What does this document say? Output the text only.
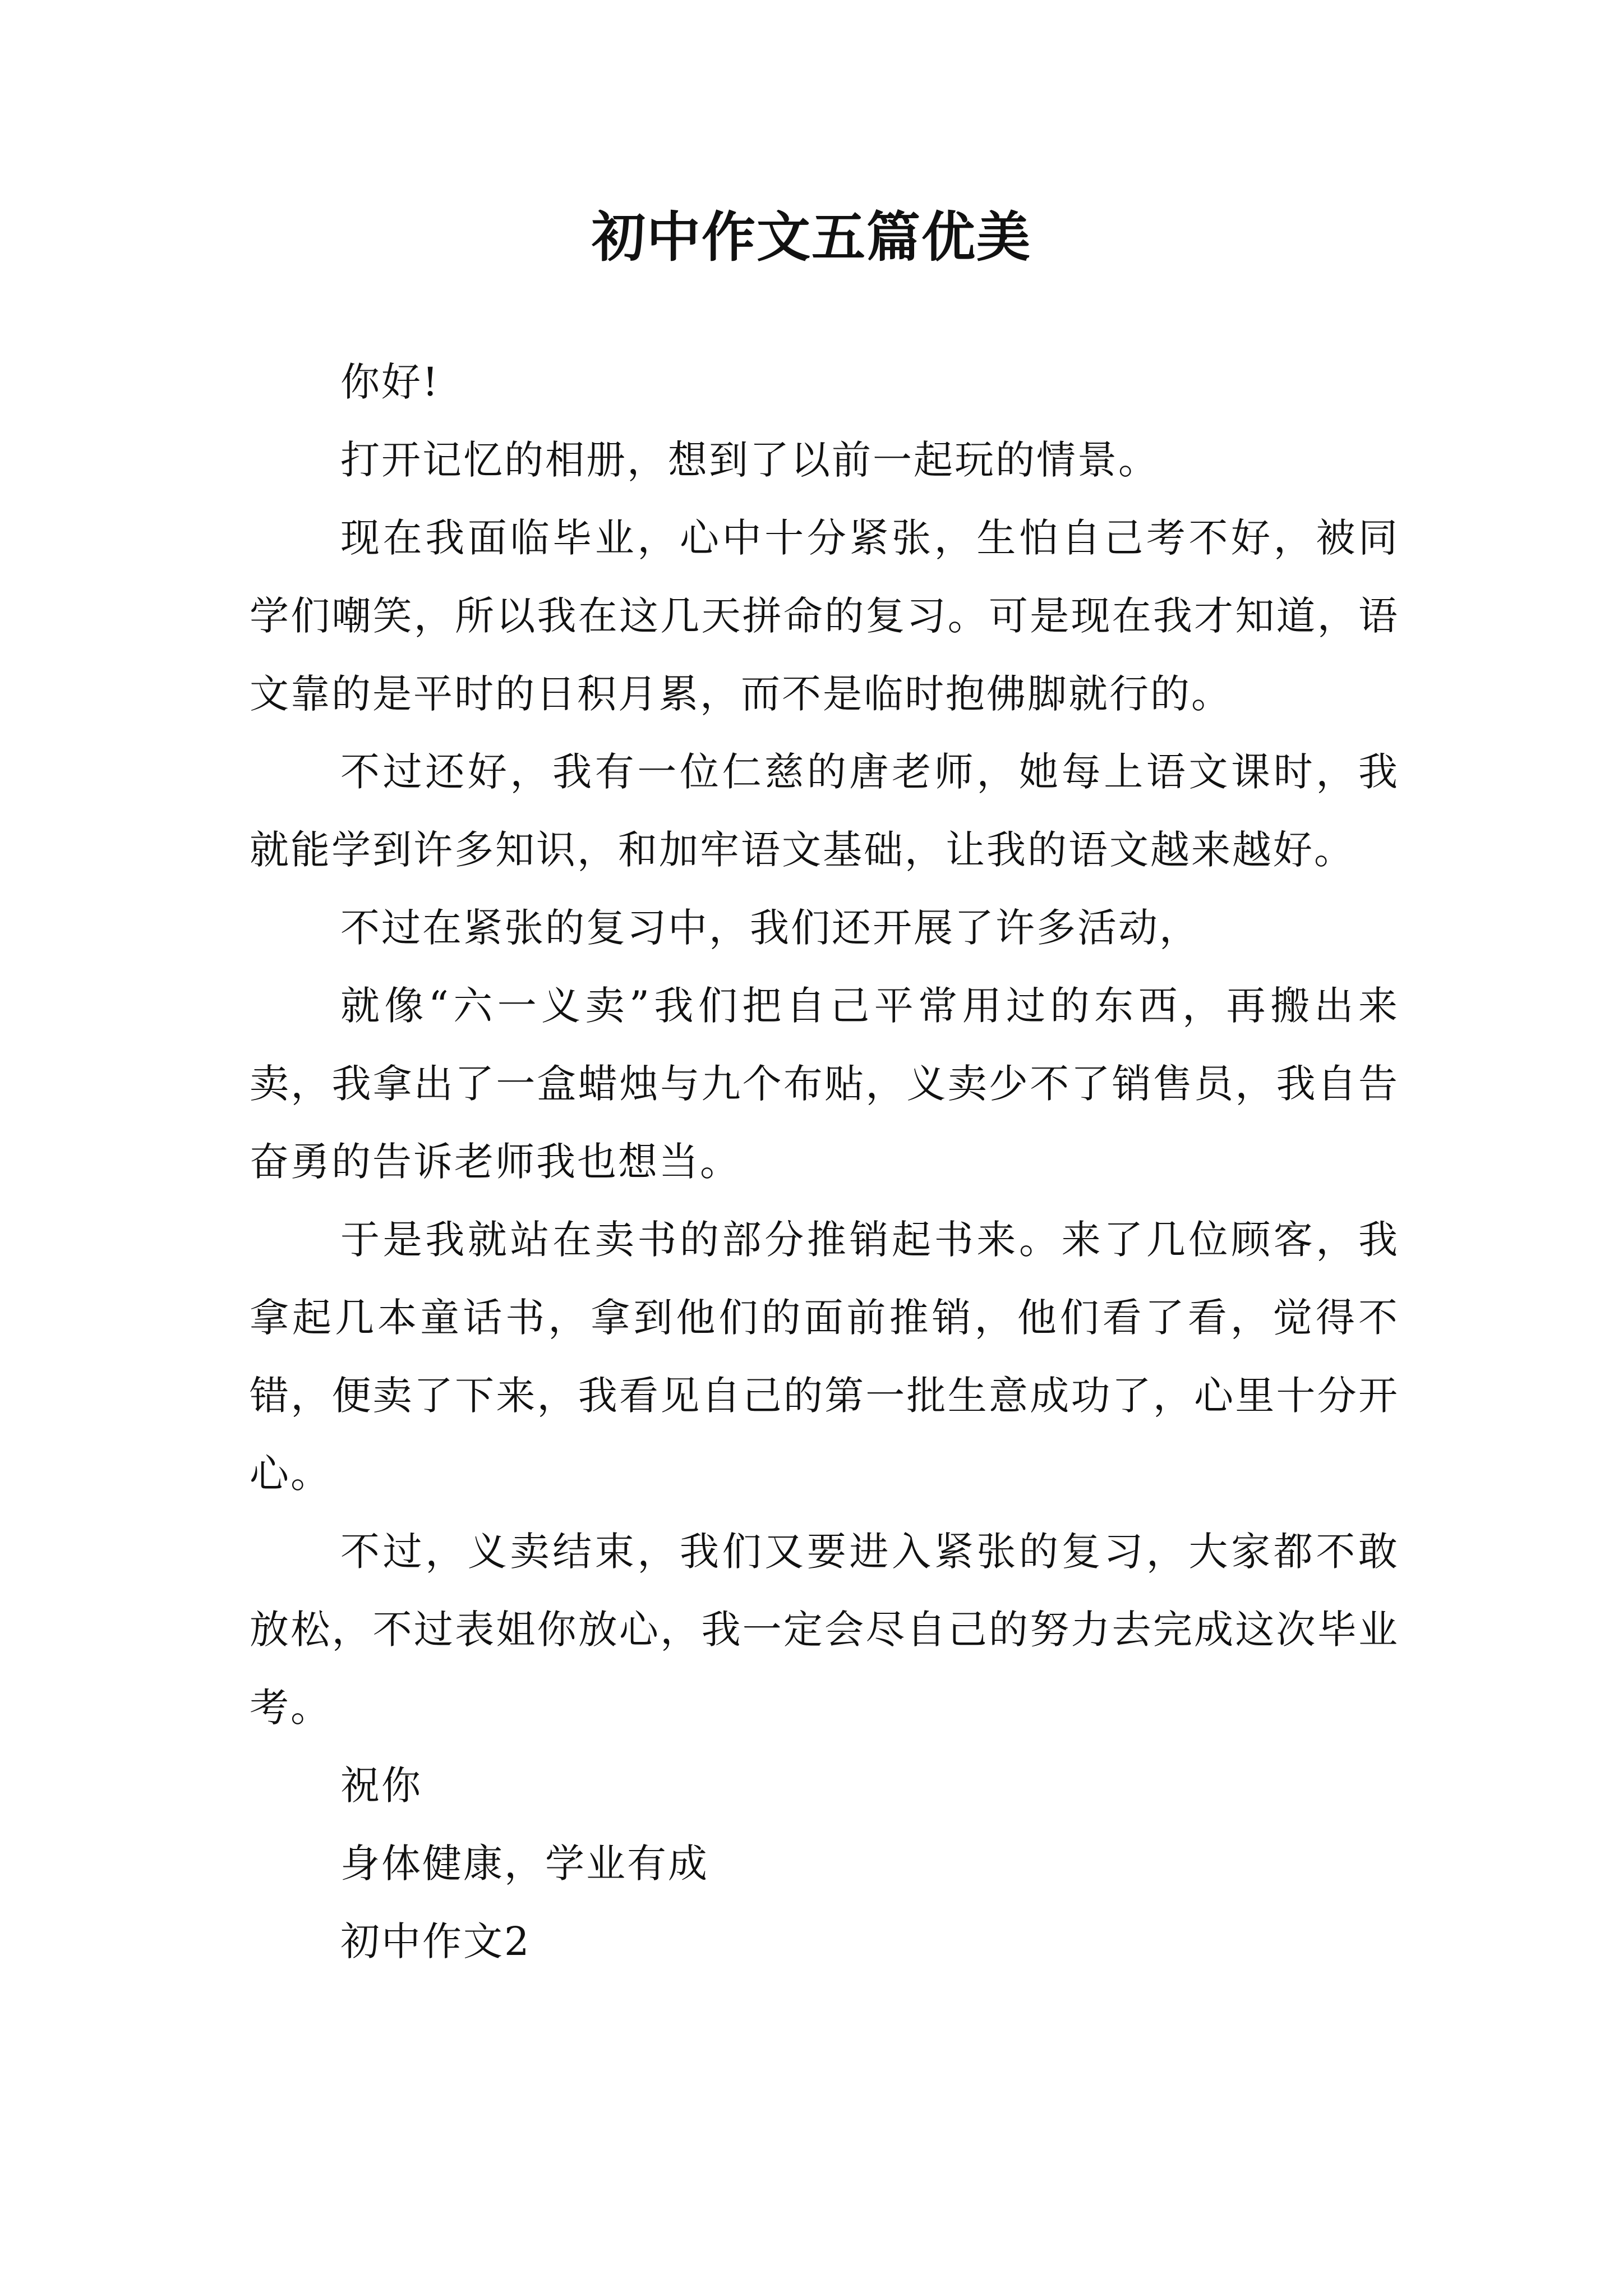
初中作文五篇优美

你好!

打开记忆的相册，想到了以前一起玩的情景。

现在我面临毕业，心中十分紧张，生怕自己考不好，被同学们嘲笑，所以我在这几天拼命的复习。可是现在我才知道，语文靠的是平时的日积月累，而不是临时抱佛脚就行的。

不过还好，我有一位仁慈的唐老师，她每上语文课时，我就能学到许多知识，和加牢语文基础，让我的语文越来越好。

不过在紧张的复习中，我们还开展了许多活动，

就像“六一义卖”我们把自己平常用过的东西，再搬出来卖，我拿出了一盒蜡烛与九个布贴，义卖少不了销售员，我自告奋勇的告诉老师我也想当。

于是我就站在卖书的部分推销起书来。来了几位顾客，我拿起几本童话书，拿到他们的面前推销，他们看了看，觉得不错，便卖了下来，我看见自己的第一批生意成功了，心里十分开心。

不过，义卖结束，我们又要进入紧张的复习，大家都不敢放松，不过表姐你放心，我一定会尽自己的努力去完成这次毕业考。

祝你

身体健康，学业有成

初中作文2
